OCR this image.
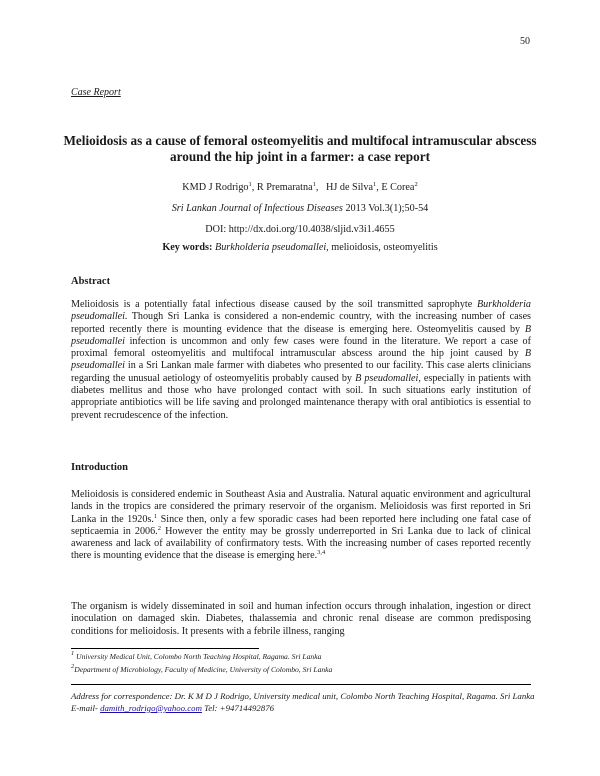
50
Case Report
Melioidosis as a cause of femoral osteomyelitis and multifocal intramuscular abscess around the hip joint in a farmer: a case report
KMD J Rodrigo$^1$, R Premaratna$^1$,   HJ de Silva$^1$, E Corea$^2$
Sri Lankan Journal of Infectious Diseases 2013 Vol.3(1);50-54
DOI: http://dx.doi.org/10.4038/sljid.v3i1.4655
Key words: Burkholderia pseudomallei, melioidosis, osteomyelitis
Abstract
Melioidosis is a potentially fatal infectious disease caused by the soil transmitted saprophyte Burkholderia pseudomallei. Though Sri Lanka is considered a non-endemic country, with the increasing number of cases reported recently there is mounting evidence that the disease is emerging here. Osteomyelitis caused by B pseudomallei infection is uncommon and only few cases were found in the literature. We report a case of proximal femoral osteomyelitis and multifocal intramuscular abscess around the hip joint caused by B pseudomallei in a Sri Lankan male farmer with diabetes who presented to our facility. This case alerts clinicians regarding the unusual aetiology of osteomyelitis probably caused by B pseudomallei, especially in patients with diabetes mellitus and those who have prolonged contact with soil. In such situations early institution of appropriate antibiotics will be life saving and prolonged maintenance therapy with oral antibiotics is essential to prevent recrudescence of the infection.
Introduction
Melioidosis is considered endemic in Southeast Asia and Australia. Natural aquatic environment and agricultural lands in the tropics are considered the primary reservoir of the organism. Melioidosis was first reported in Sri Lanka in the 1920s.$^1$ Since then, only a few sporadic cases had been reported here including one fatal case of septicaemia in 2006.$^2$ However the entity may be grossly underreported in Sri Lanka due to lack of clinical awareness and lack of availability of confirmatory tests. With the increasing number of cases reported recently there is mounting evidence that the disease is emerging here.$^{3,4}$
The organism is widely disseminated in soil and human infection occurs through inhalation, ingestion or direct inoculation on damaged skin. Diabetes, thalassemia and chronic renal disease are common predisposing conditions for melioidosis. It presents with a febrile illness, ranging
$^1$ University Medical Unit, Colombo North Teaching Hospital, Ragama. Sri Lanka
$^2$Department of Microbiology, Faculty of Medicine, University of Colombo, Sri Lanka
Address for correspondence: Dr. K M D J Rodrigo, University medical unit, Colombo North Teaching Hospital, Ragama. Sri Lanka E-mail- damith_rodrigo@yahoo.com Tel: +94714492876
